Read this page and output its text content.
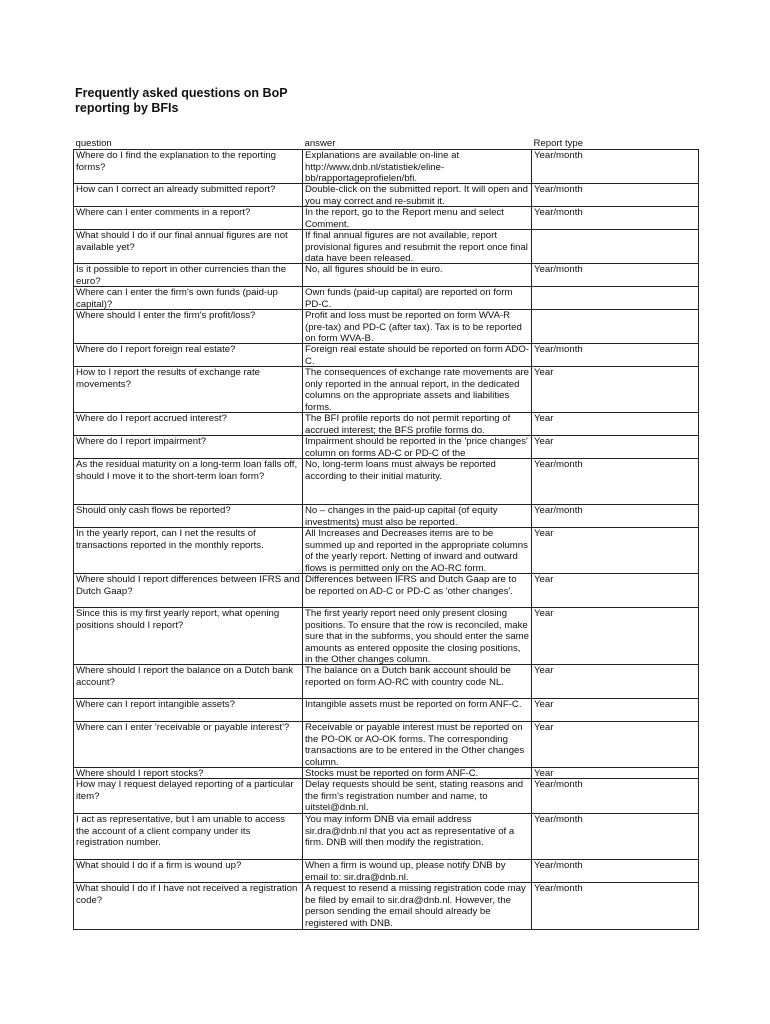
Frequently asked questions on BoP reporting by BFIs
question	answer	Report type

Where do I find the explanation to the reporting forms?	Explanations are available on-line at http://www.dnb.nl/statistiek/eline-bb/rapportageprofielen/bfi.	Year/month

How can I correct an already submitted report?	Double-click on the submitted report. It will open and you may correct and re-submit it.	Year/month

Where can I enter comments in a report?	In the report, go to the Report menu and select Comment.	Year/month

What should I do if our final annual figures are not available yet?	If final annual figures are not available, report provisional figures and resubmit the report once final data have been released.	

Is it possible to report in other currencies than the euro?	No, all figures should be in euro.	Year/month

Where can I enter the firm's own funds (paid-up capital)?	Own funds (paid-up capital) are reported on form PD-C.	

Where should I enter the firm's profit/loss?	Profit and loss must be reported on form WVA-R (pre-tax) and PD-C (after tax). Tax is to be reported on form WVA-B.	

Where do I report foreign real estate?	Foreign real estate should be reported on form ADO-C.	Year/month

How to I report the results of exchange rate movements?	The consequences of exchange rate movements are only reported in the annual report, in the dedicated columns on the appropriate assets and liabilities forms.	Year

Where do I report accrued interest?	The BFI profile reports do not permit reporting of accrued interest; the BFS profile forms do.	Year

Where do I report impairment?	Impairment should be reported in the 'price changes' column on forms AD-C or PD-C of the	Year

As the residual maturity on a long-term loan falls off, should I move it to the short-term loan form?	No, long-term loans must always be reported according to their initial maturity.	Year/month

Should only cash flows be reported?	No – changes in the paid-up capital (of equity investments) must also be reported.	Year/month

In the yearly report, can I net the results of transactions reported in the monthly reports.	All Increases and Decreases items are to be summed up and reported in the appropriate columns of the yearly report. Netting of inward and outward flows is permitted only on the AO-RC form.	Year

Where should I report differences between IFRS and Dutch Gaap?	Differences between IFRS and Dutch Gaap are to be reported on AD-C or PD-C as 'other changes'.	Year

Since this is my first yearly report, what opening positions should I report?	The first yearly report need only present closing positions. To ensure that the row is reconciled, make sure that in the subforms, you should enter the same amounts as entered opposite the closing positions, in the Other changes column.	Year

Where should I report the balance on a Dutch bank account?	The balance on a Dutch bank account should be reported on form AO-RC with country code NL.	Year

Where can I report intangible assets?	Intangible assets must be reported on form ANF-C.	Year

Where can I enter 'receivable or payable interest'?	Receivable or payable interest must be reported on the PO-OK or AO-OK forms. The corresponding transactions are to be entered in the Other changes column.	Year

Where should I report stocks?	Stocks must be reported on form ANF-C.	Year

How may I request delayed reporting of a particular item?	Delay requests should be sent, stating reasons and the firm's registration number and name, to uitstel@dnb.nl.	Year/month

I act as representative, but I am unable to access the account of a client company under its registration number.	You may inform DNB via email address sir.dra@dnb.nl that you act as representative of a firm. DNB will then modify the registration.	Year/month

What should I do if a firm is wound up?	When a firm is wound up, please notify DNB by email to: sir.dra@dnb.nl.	Year/month

What should I do if I have not received a registration code?	A request to resend a missing registration code may be filed by email to sir.dra@dnb.nl. However, the person sending the email should already be registered with DNB.	Year/month
